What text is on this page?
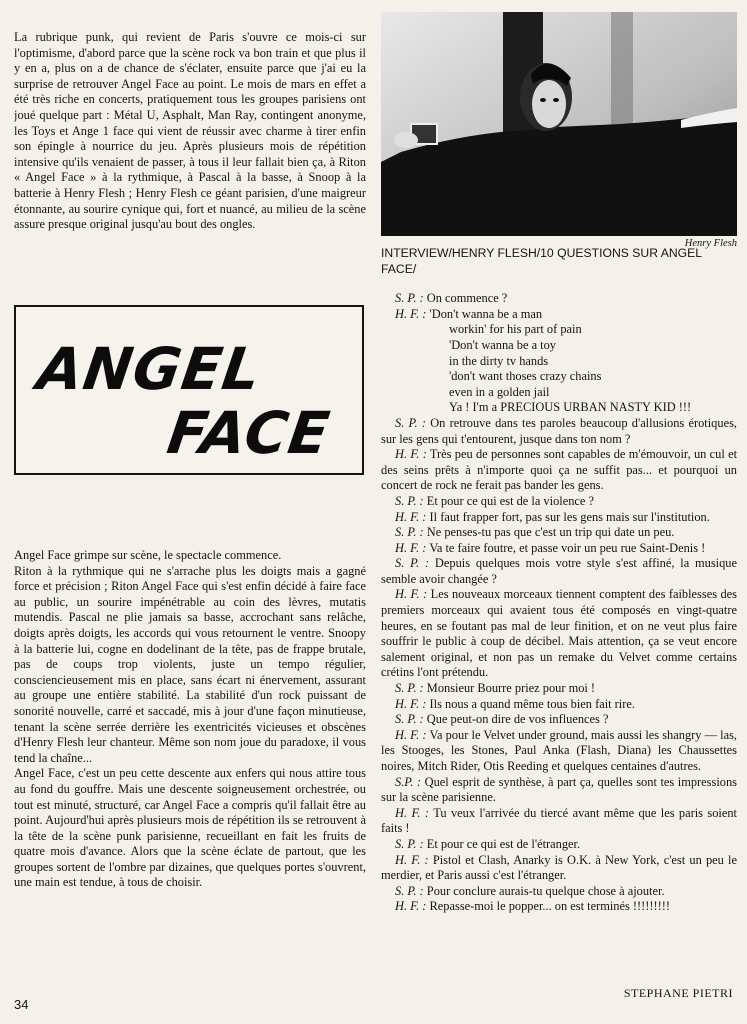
La rubrique punk, qui revient de Paris s'ouvre ce mois-ci sur l'optimisme, d'abord parce que la scène rock va bon train et que plus il y en a, plus on a de chance de s'éclater, ensuite parce que j'ai eu la surprise de retrouver Angel Face au point. Le mois de mars en effet a été très riche en concerts, pratiquement tous les groupes parisiens ont joué quelque part : Métal U, Asphalt, Man Ray, contingent anonyme, les Toys et Ange 1 face qui vient de réussir avec charme à tirer enfin son épingle à nourrice du jeu. Après plusieurs mois de répétition intensive qu'ils venaient de passer, à tous il leur fallait bien ça, à Riton « Angel Face » à la rythmique, à Pascal à la basse, à Snoop à la batterie à Henry Flesh ; Henry Flesh ce géant parisien, d'une maigreur étonnante, au sourire cynique qui, fort et nuancé, au milieu de la scène assure presque original jusqu'au bout des ongles.

ANGEL
FACE

Angel Face grimpe sur scène, le spectacle commence.

Riton à la rythmique qui ne s'arrache plus les doigts mais a gagné force et précision ; Riton Angel Face qui s'est enfin décidé à faire face au public, un sourire impénétrable au coin des lèvres, mutatis mutendis. Pascal ne plie jamais sa basse, accrochant sans relâche, doigts après doigts, les accords qui vous retournent le ventre. Snoopy à la batterie lui, cogne en dodelinant de la tête, pas de frappe brutale, pas de coups trop violents, juste un tempo régulier, consciencieusement mis en place, sans écart ni énervement, assurant au groupe une entière stabilité. La stabilité d'un rock puissant de sonorité nouvelle, carré et saccadé, mis à jour d'une façon minutieuse, tenant la scène serrée derrière les exentricités vicieuses et obscènes d'Henry Flesh leur chanteur. Même son nom joue du paradoxe, il vous tend la chaîne...

Angel Face, c'est un peu cette descente aux enfers qui nous attire tous au fond du gouffre. Mais une descente soigneusement orchestrée, ou tout est minuté, structuré, car Angel Face a compris qu'il fallait être au point. Aujourd'hui après plusieurs mois de répétition ils se retrouvent à la tête de la scène punk parisienne, recueillant en fait les fruits de quatre mois d'avance. Alors que la scène éclate de partout, que les groupes sortent de l'ombre par dizaines, que quelques portes s'ouvrent, une main est tendue, à tous de choisir.

Henry Flesh
INTERVIEW/HENRY FLESH/10 QUESTIONS SUR ANGEL FACE/
S. P. : On commence ?
H. F. : 'Don't wanna be a man
workin' for his part of pain
'Don't wanna be a toy
in the dirty tv hands
'don't want thoses crazy chains
even in a golden jail
Ya ! I'm a PRECIOUS URBAN NASTY KID !!!
S. P. : On retrouve dans tes paroles beaucoup d'allusions érotiques, sur les gens qui t'entourent, jusque dans ton nom ?
H. F. : Très peu de personnes sont capables de m'émouvoir, un cul et des seins prêts à n'importe quoi ça ne suffit pas... et pourquoi un concert de rock ne ferait pas bander les gens.
S. P. : Et pour ce qui est de la violence ?
H. F. : Il faut frapper fort, pas sur les gens mais sur l'institution.
S. P. : Ne penses-tu pas que c'est un trip qui date un peu.
H. F. : Va te faire foutre, et passe voir un peu rue Saint-Denis !
S. P. : Depuis quelques mois votre style s'est affiné, la musique semble avoir changée ?
H. F. : Les nouveaux morceaux tiennent comptent des faiblesses des premiers morceaux qui avaient tous été composés en vingt-quatre heures, en se foutant pas mal de leur finition, et on ne veut plus faire souffrir le public à coup de décibel. Mais attention, ça se veut encore salement original, et non pas un remake du Velvet comme certains crétins l'ont prétendu.
S. P. : Monsieur Bourre priez pour moi !
H. F. : Ils nous a quand même tous bien fait rire.
S. P. : Que peut-on dire de vos influences ?
H. F. : Va pour le Velvet under ground, mais aussi les shangry — las, les Stooges, les Stones, Paul Anka (Flash, Diana) les Chaussettes noires, Mitch Rider, Otis Reeding et quelques centaines d'autres.
S.P. : Quel esprit de synthèse, à part ça, quelles sont tes impressions sur la scène parisienne.
H. F. : Tu veux l'arrivée du tiercé avant même que les paris soient faits !
S. P. : Et pour ce qui est de l'étranger.
H. F. : Pistol et Clash, Anarky is O.K. à New York, c'est un peu le merdier, et Paris aussi c'est l'étranger.
S. P. : Pour conclure aurais-tu quelque chose à ajouter.
H. F. : Repasse-moi le popper... on est terminés !!!!!!!!!
STEPHANE PIETRI
34
